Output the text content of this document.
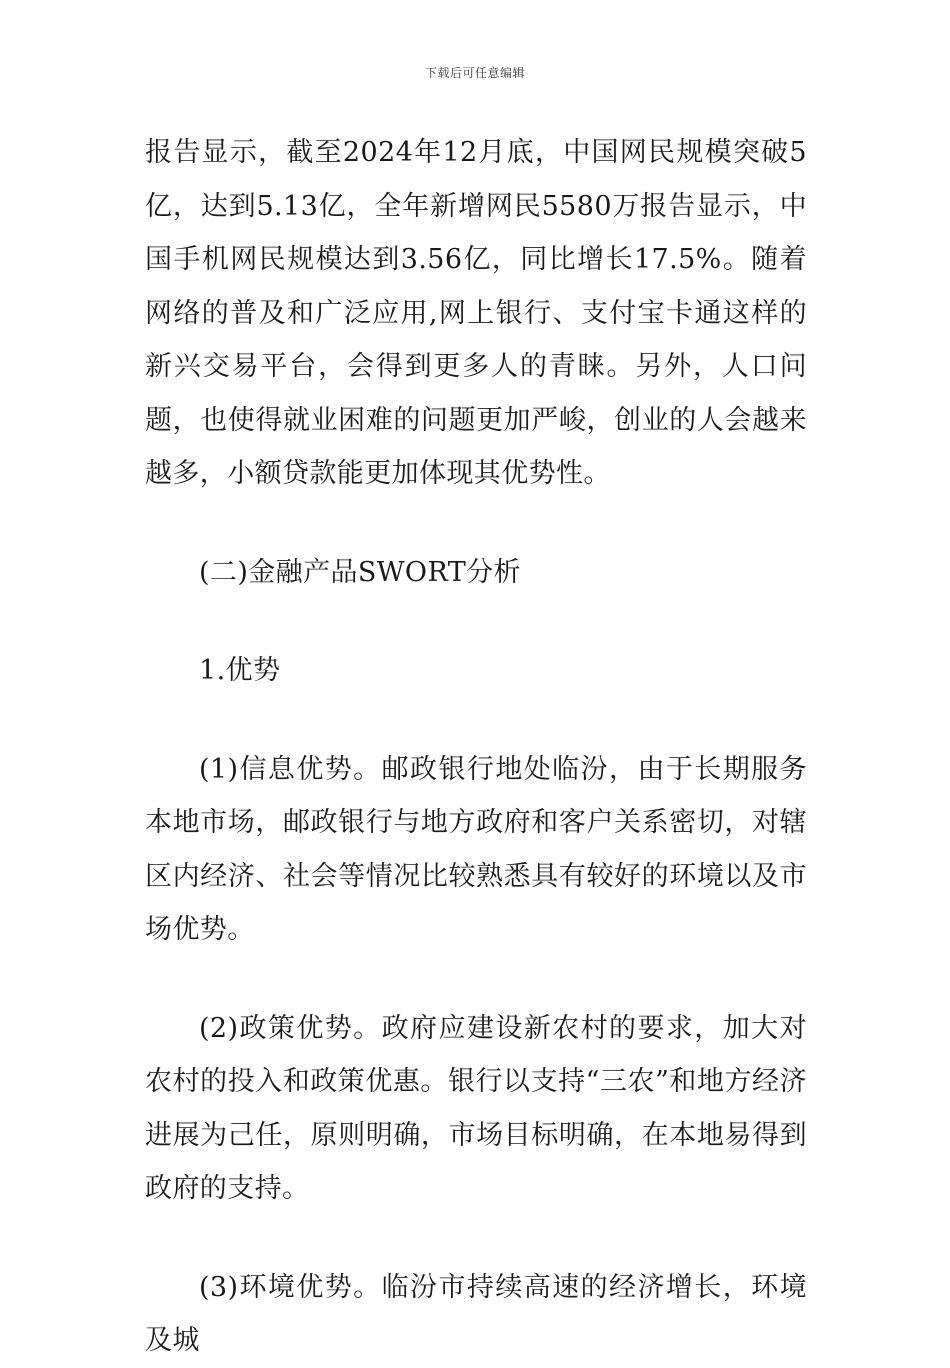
下载后可任意编辑

报告显示，截至2024年12月底，中国网民规模突破5亿，达到5.13亿，全年新增网民5580万报告显示，中国手机网民规模达到3.56亿，同比增长17.5%。随着网络的普及和广泛应用,网上银行、支付宝卡通这样的新兴交易平台，会得到更多人的青睐。另外，人口问题，也使得就业困难的问题更加严峻，创业的人会越来越多，小额贷款能更加体现其优势性。

(二)金融产品SWORT分析

1.优势

(1)信息优势。邮政银行地处临汾，由于长期服务本地市场，邮政银行与地方政府和客户关系密切，对辖区内经济、社会等情况比较熟悉具有较好的环境以及市场优势。

(2)政策优势。政府应建设新农村的要求，加大对农村的投入和政策优惠。银行以支持“三农”和地方经济进展为己任，原则明确，市场目标明确，在本地易得到政府的支持。

(3)环境优势。临汾市持续高速的经济增长，环境及城
